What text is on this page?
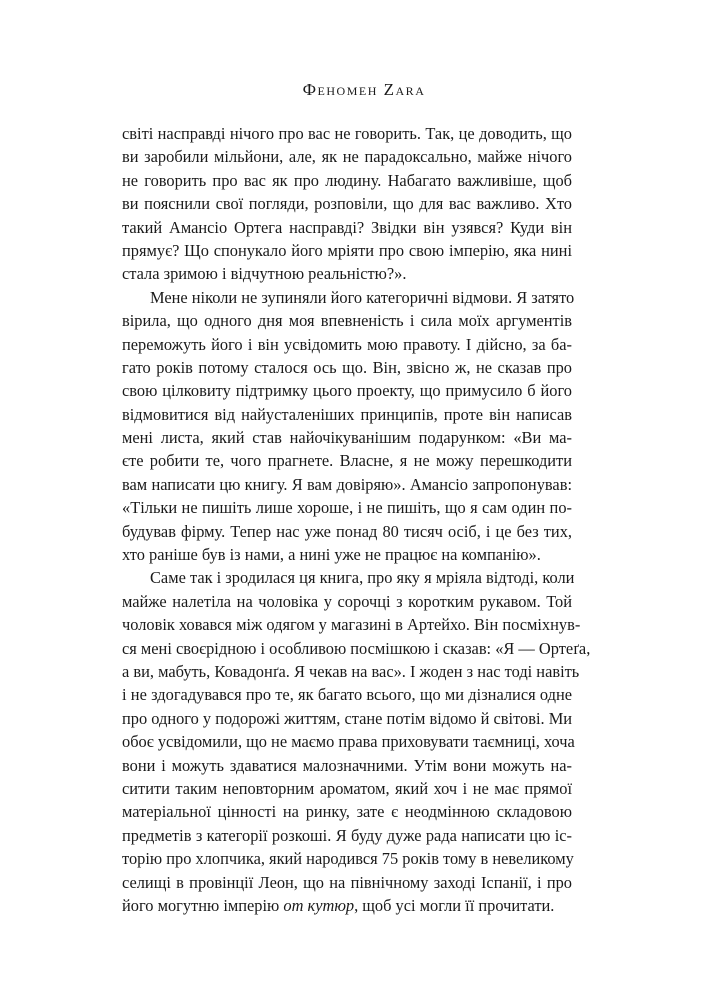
Феномен Zara
світі насправді нічого про вас не говорить. Так, це доводить, що
ви заробили мільйони, але, як не парадоксально, майже нічого
не говорить про вас як про людину. Набагато важливіше, щоб
ви пояснили свої погляди, розповіли, що для вас важливо. Хто
такий Амансіо Ортега насправді? Звідки він узявся? Куди він
прямує? Що спонукало його мріяти про свою імперію, яка нині
стала зримою і відчутною реальністю?».
Мене ніколи не зупиняли його категоричні відмови. Я затято
вірила, що одного дня моя впевненість і сила моїх аргументів
переможуть його і він усвідомить мою правоту. І дійсно, за ба-
гато років потому сталося ось що. Він, звісно ж, не сказав про
свою цілковиту підтримку цього проекту, що примусило б його
відмовитися від найусталеніших принципів, проте він написав
мені листа, який став найочікуванішим подарунком: «Ви ма-
єте робити те, чого прагнете. Власне, я не можу перешкодити
вам написати цю книгу. Я вам довіряю». Амансіо запропонував:
«Тільки не пишіть лише хороше, і не пишіть, що я сам один по-
будував фірму. Тепер нас уже понад 80 тисяч осіб, і це без тих,
хто раніше був із нами, а нині уже не працює на компанію».
Саме так і зродилася ця книга, про яку я мріяла відтоді, коли
майже налетіла на чоловіка у сорочці з коротким рукавом. Той
чоловік ховався між одягом у магазині в Артейхо. Він посміхнув-
ся мені своєрідною і особливою посмішкою і сказав: «Я — Ортеґа,
а ви, мабуть, Ковадонґа. Я чекав на вас». І жоден з нас тоді навіть
і не здогадувався про те, як багато всього, що ми дізналися одне
про одного у подорожі життям, стане потім відомо й світові. Ми
обоє усвідомили, що не маємо права приховувати таємниці, хоча
вони і можуть здаватися малозначними. Утім вони можуть на-
ситити таким неповторним ароматом, який хоч і не має прямої
матеріальної цінності на ринку, зате є неодмінною складовою
предметів з категорії розкоші. Я буду дуже рада написати цю іс-
торію про хлопчика, який народився 75 років тому в невеликому
селищі в провінції Леон, що на північному заході Іспанії, і про
його могутню імперію от кутюр, щоб усі могли її прочитати.
